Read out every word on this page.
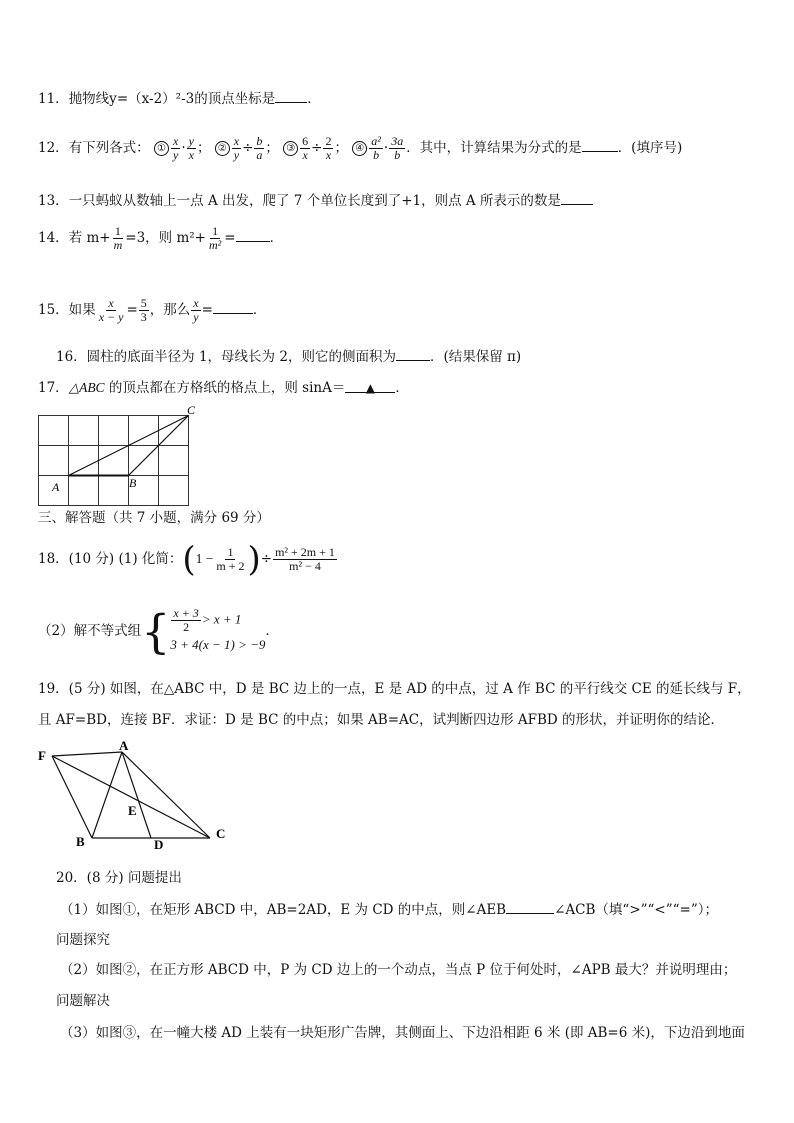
11．抛物线y=（x-2）²-3的顶点坐标是 ．
12．有下列各式： ① $\frac{x}{y} \cdot \frac{y}{x}$ ； ② $\frac{x}{y} \div \frac{b}{a}$ ； ③ $\frac{6}{x} \div \frac{2}{x}$ ； ④ $\frac{\text{a²}}{b} \cdot \frac{3a}{b}$ ．其中，计算结果为分式的是	．(填序号)
13．一只蚂蚁从数轴上一点 A 出发，爬了 7 个单位长度到了+1，则点 A 所表示的数是
14．若 $m+ \frac{1}{m} =3$，则 $m^2+ \frac{1}{\text{m²}}$ =	．
15．如果 $\frac{x}{x - y} = \frac{5}{3}$ ，那么 $\frac{x}{y}$ =	．
16．圆柱的底面半径为 1，母线长为 2，则它的侧面积为	．(结果保留 π)
17．△ABC 的顶点都在方格纸的格点上，则 sinA＝ ▲ ．
A	B
C
三、解答题（共 7 小题，满分 69 分）
18．(10 分) (1) 化简：($1 - \frac{1}{m + 2}$ )÷ $\frac{\text{m² + 2m + 1}}{\text{m² − 4}}$
（2）解不等式组{ $\frac{x + 3}{2} > x + 1$
3 + 4(x − 1) > −9
．
19．(5 分) 如图，在△ABC 中，D 是 BC 边上的一点，E 是 AD 的中点，过 A 作 BC 的平行线交 CE 的延长线与 F，
且 AF=BD，连接 BF．求证：D 是 BC 的中点；如果 AB=AC，试判断四边形 AFBD 的形状，并证明你的结论．
F
A
E
B	D
C
20．(8 分) 问题提出
（1）如图①，在矩形 ABCD 中，AB=2AD，E 为 CD 的中点，则∠AEB	∠ACB（填“>”“<”“=”）；
问题探究
（2）如图②，在正方形 ABCD 中，P 为 CD 边上的一个动点，当点 P 位于何处时，∠APB 最大？并说明理由；
问题解决
（3）如图③，在一幢大楼 AD 上装有一块矩形广告牌，其侧面上、下边沿相距 6 米 (即 AB=6 米)，下边沿到地面
